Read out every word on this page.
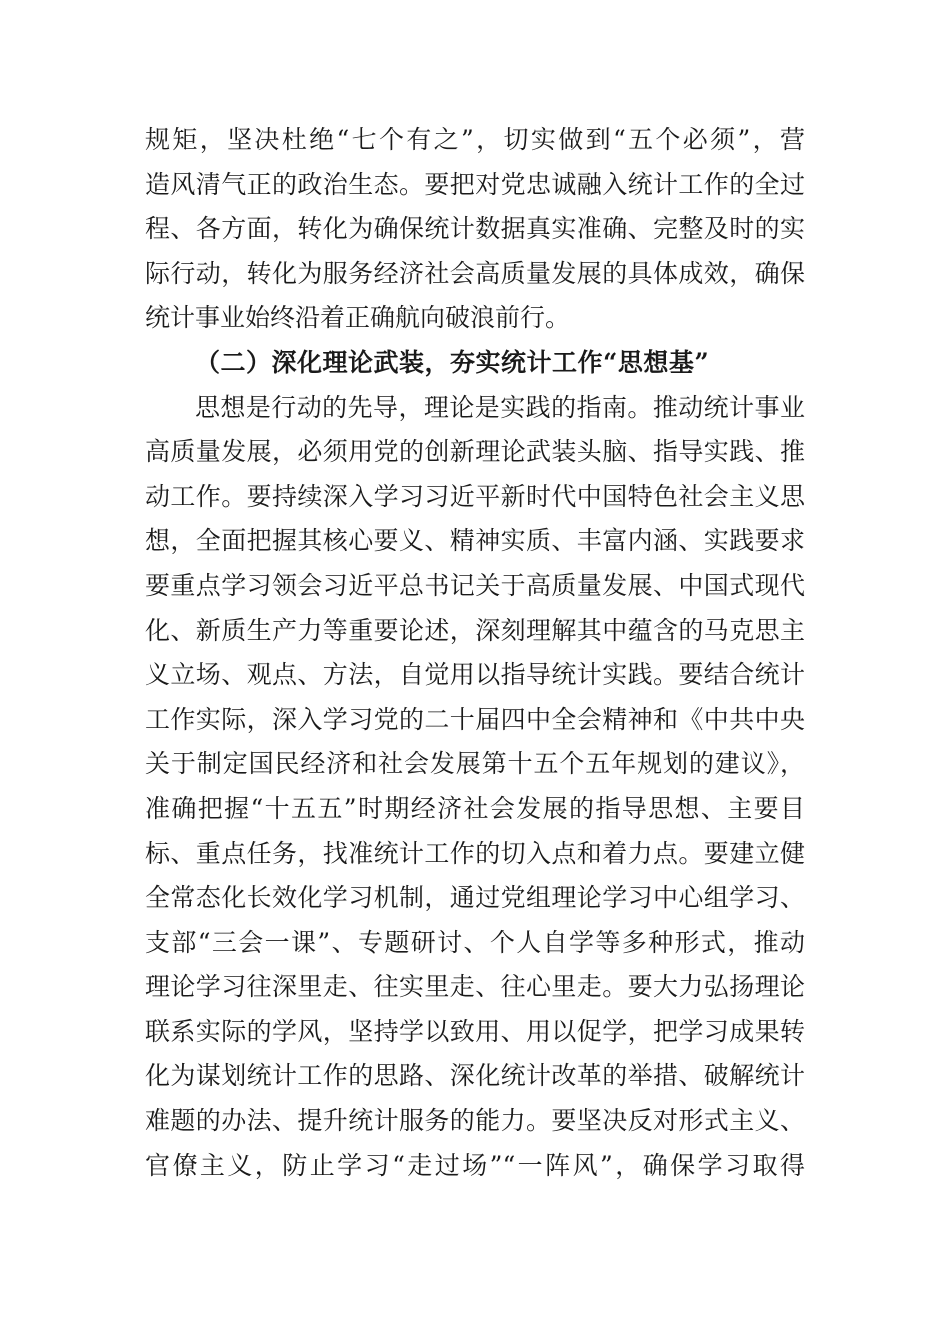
规矩，坚决杜绝“七个有之”，切实做到“五个必须”，营
造风清气正的政治生态。要把对党忠诚融入统计工作的全过
程、各方面，转化为确保统计数据真实准确、完整及时的实
际行动，转化为服务经济社会高质量发展的具体成效，确保
统计事业始终沿着正确航向破浪前行。
（二）深化理论武装，夯实统计工作“思想基”
思想是行动的先导，理论是实践的指南。推动统计事业
高质量发展，必须用党的创新理论武装头脑、指导实践、推
动工作。要持续深入学习习近平新时代中国特色社会主义思
想，全面把握其核心要义、精神实质、丰富内涵、实践要求
要重点学习领会习近平总书记关于高质量发展、中国式现代
化、新质生产力等重要论述，深刻理解其中蕴含的马克思主
义立场、观点、方法，自觉用以指导统计实践。要结合统计
工作实际，深入学习党的二十届四中全会精神和《中共中央
关于制定国民经济和社会发展第十五个五年规划的建议》，
准确把握“十五五”时期经济社会发展的指导思想、主要目
标、重点任务，找准统计工作的切入点和着力点。要建立健
全常态化长效化学习机制，通过党组理论学习中心组学习、
支部“三会一课”、专题研讨、个人自学等多种形式，推动
理论学习往深里走、往实里走、往心里走。要大力弘扬理论
联系实际的学风，坚持学以致用、用以促学，把学习成果转
化为谋划统计工作的思路、深化统计改革的举措、破解统计
难题的办法、提升统计服务的能力。要坚决反对形式主义、
官僚主义，防止学习“走过场”“一阵风”，确保学习取得
